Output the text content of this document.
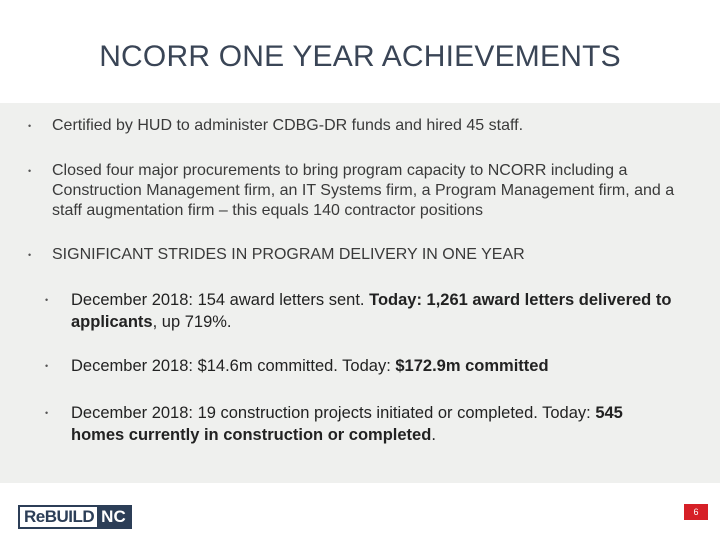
NCORR ONE YEAR ACHIEVEMENTS
• Certified by HUD to administer CDBG-DR funds and hired 45 staff.
• Closed four major procurements to bring program capacity to NCORR including a Construction Management firm, an IT Systems firm, a Program Management firm, and a staff augmentation firm – this equals 140 contractor positions
• SIGNIFICANT STRIDES IN PROGRAM DELIVERY IN ONE YEAR
• December 2018: 154 award letters sent. Today: 1,261 award letters delivered to applicants, up 719%.
• December 2018: $14.6m committed. Today: $172.9m committed
• December 2018: 19 construction projects initiated or completed. Today: 545 homes currently in construction or completed.
ReBUILD NC	6
